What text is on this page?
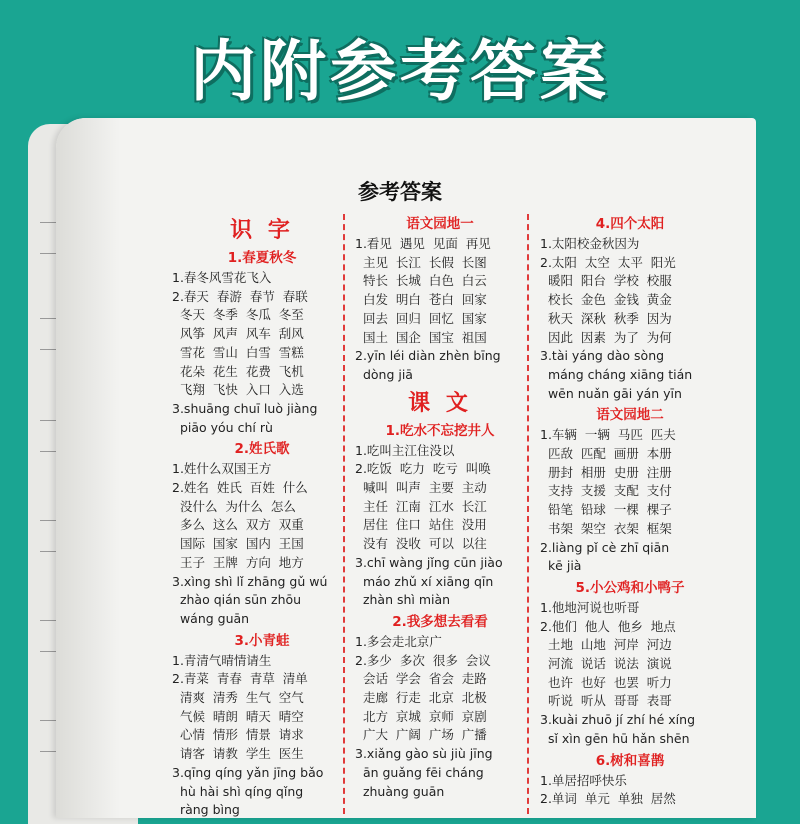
内附参考答案
参考答案
识 字
1.春夏秋冬
1.春冬风雪花飞入
2.春天  春游  春节  春联
冬天  冬季  冬瓜  冬至
风筝  风声  风车  刮风
雪花  雪山  白雪  雪糕
花朵  花生  花费  飞机
飞翔  飞快  入口  入选
3.shuāng chuī luò jiàng
piāo yóu chí rù
2.姓氏歌
1.姓什么双国王方
2.姓名  姓氏  百姓  什么
没什么  为什么  怎么
多么  这么  双方  双重
国际  国家  国内  王国
王子  王牌  方向  地方
3.xìng shì lǐ zhāng gǔ wú
zhào qián sūn zhōu
wáng guān
3.小青蛙
1.青清气晴情请生
2.青菜  青春  青草  清单
清爽  清秀  生气  空气
气候  晴朗  晴天  晴空
心情  情形  情景  请求
请客  请教  学生  医生
3.qīng qíng yǎn jīng bǎo
hù hài shì qíng qǐng
ràng bìng
语文园地一
1.看见  遇见  见面  再见
主见  长江  长假  长图
特长  长城  白色  白云
白发  明白  苍白  回家
回去  回归  回忆  国家
国土  国企  国宝  祖国
2.yīn léi diàn zhèn bīng
dòng jiā
课 文
1.吃水不忘挖井人
1.吃叫主江住没以
2.吃饭  吃力  吃亏  叫唤
喊叫  叫声  主要  主动
主任  江南  江水  长江
居住  住口  站住  没用
没有  没收  可以  以往
3.chī wàng jǐng cūn jiào
máo zhǔ xí xiāng qīn
zhàn shì miàn
2.我多想去看看
1.多会走北京广
2.多少  多次  很多  会议
会话  学会  省会  走路
走廊  行走  北京  北极
北方  京城  京师  京剧
广大  广阔  广场  广播
3.xiǎng gào sù jiù jīng
ān guǎng fēi cháng
zhuàng guān
4.四个太阳
1.太阳校金秋因为
2.太阳  太空  太平  阳光
暖阳  阳台  学校  校服
校长  金色  金钱  黄金
秋天  深秋  秋季  因为
因此  因素  为了  为何
3.tài yáng dào sòng
máng cháng xiāng tián
wēn nuǎn gāi yán yīn
语文园地二
1.车辆  一辆  马匹  匹夫
匹敌  匹配  画册  本册
册封  相册  史册  注册
支持  支援  支配  支付
铅笔  铅球  一棵  棵子
书架  架空  衣架  框架
2.liàng pǐ cè zhī qiān
kē jià
5.小公鸡和小鸭子
1.他地河说也听哥
2.他们  他人  他乡  地点
土地  山地  河岸  河边
河流  说话  说法  演说
也许  也好  也罢  听力
听说  听从  哥哥  表哥
3.kuài zhuō jí zhí hé xíng
sǐ xìn gēn hū hǎn shēn
6.树和喜鹊
1.单居招呼快乐
2.单词  单元  单独  居然
